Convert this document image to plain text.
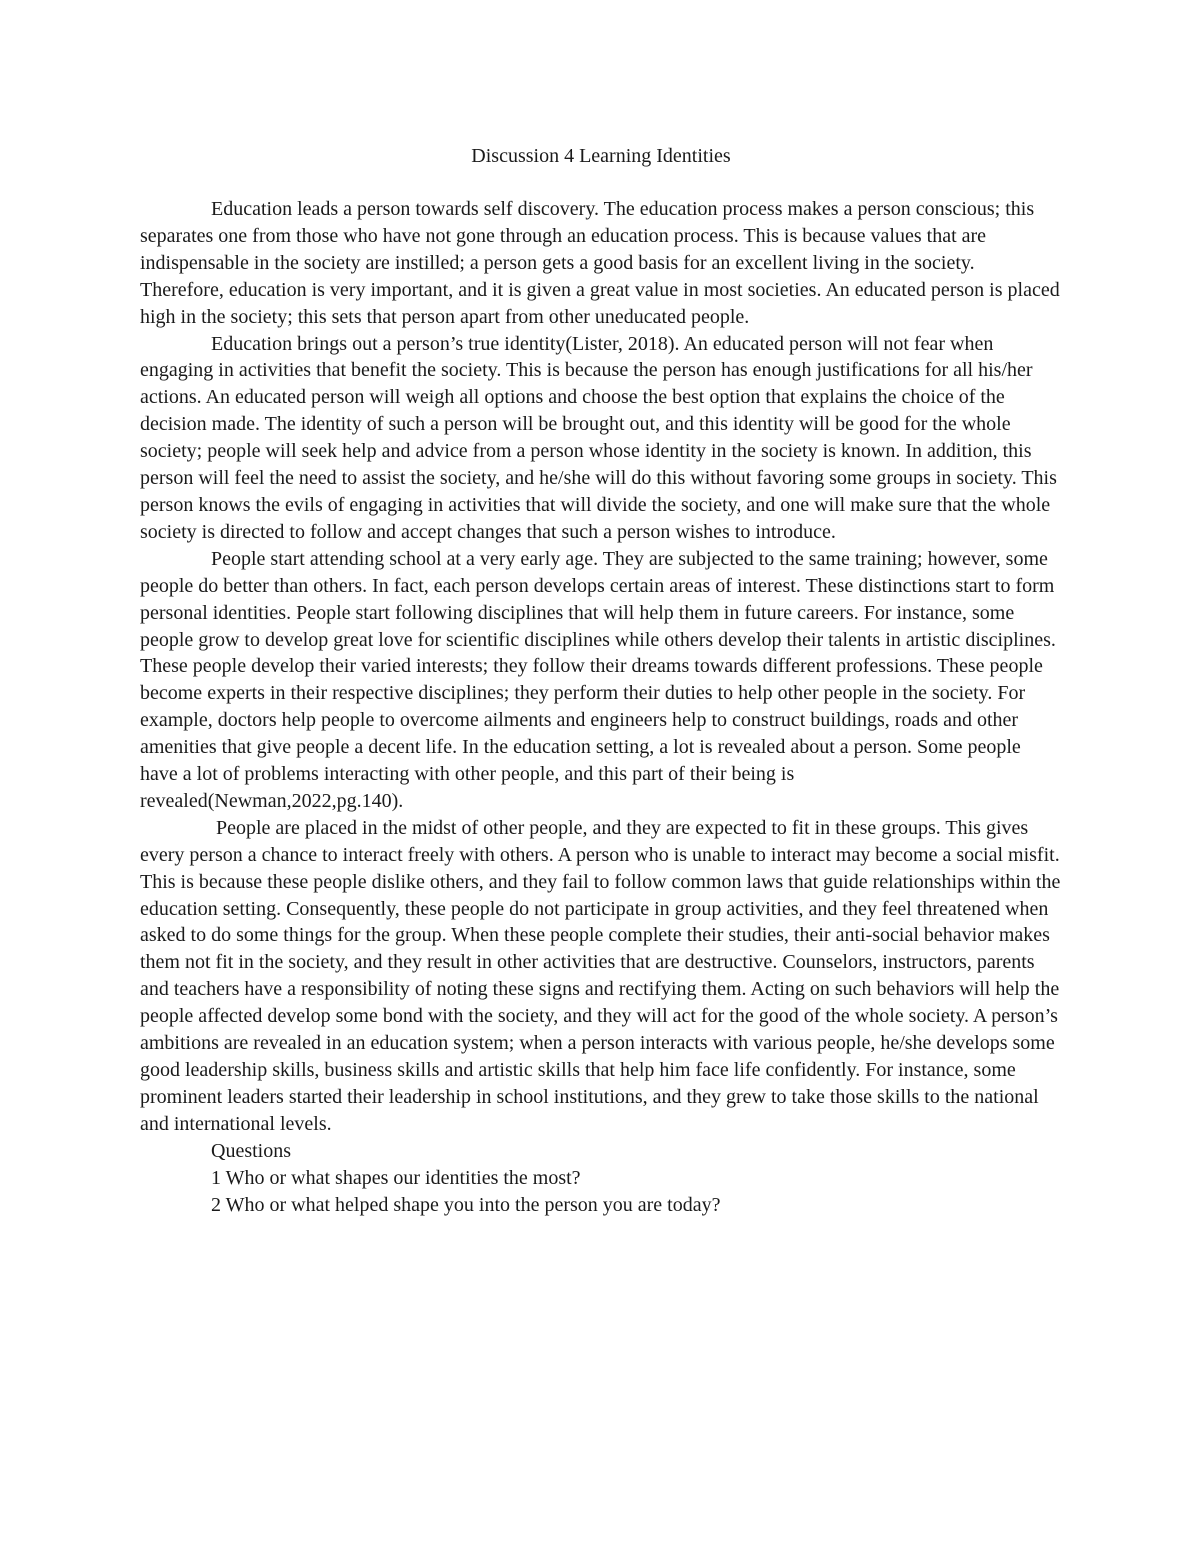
Discussion 4 Learning Identities

Education leads a person towards self discovery. The education process makes a person conscious; this separates one from those who have not gone through an education process. This is because values that are indispensable in the society are instilled; a person gets a good basis for an excellent living in the society. Therefore, education is very important, and it is given a great value in most societies. An educated person is placed high in the society; this sets that person apart from other uneducated people.

Education brings out a person’s true identity(Lister, 2018). An educated person will not fear when engaging in activities that benefit the society. This is because the person has enough justifications for all his/her actions. An educated person will weigh all options and choose the best option that explains the choice of the decision made. The identity of such a person will be brought out, and this identity will be good for the whole society; people will seek help and advice from a person whose identity in the society is known. In addition, this person will feel the need to assist the society, and he/she will do this without favoring some groups in society. This person knows the evils of engaging in activities that will divide the society, and one will make sure that the whole society is directed to follow and accept changes that such a person wishes to introduce.

People start attending school at a very early age. They are subjected to the same training; however, some people do better than others. In fact, each person develops certain areas of interest. These distinctions start to form personal identities. People start following disciplines that will help them in future careers. For instance, some people grow to develop great love for scientific disciplines while others develop their talents in artistic disciplines. These people develop their varied interests; they follow their dreams towards different professions. These people become experts in their respective disciplines; they perform their duties to help other people in the society. For example, doctors help people to overcome ailments and engineers help to construct buildings, roads and other amenities that give people a decent life. In the education setting, a lot is revealed about a person. Some people have a lot of problems interacting with other people, and this part of their being is revealed(Newman,2022,pg.140).

People are placed in the midst of other people, and they are expected to fit in these groups. This gives every person a chance to interact freely with others. A person who is unable to interact may become a social misfit. This is because these people dislike others, and they fail to follow common laws that guide relationships within the education setting. Consequently, these people do not participate in group activities, and they feel threatened when asked to do some things for the group. When these people complete their studies, their anti-social behavior makes them not fit in the society, and they result in other activities that are destructive. Counselors, instructors, parents and teachers have a responsibility of noting these signs and rectifying them. Acting on such behaviors will help the people affected develop some bond with the society, and they will act for the good of the whole society. A person’s ambitions are revealed in an education system; when a person interacts with various people, he/she develops some good leadership skills, business skills and artistic skills that help him face life confidently. For instance, some prominent leaders started their leadership in school institutions, and they grew to take those skills to the national and international levels.

Questions

1 Who or what shapes our identities the most?

2 Who or what helped shape you into the person you are today?
